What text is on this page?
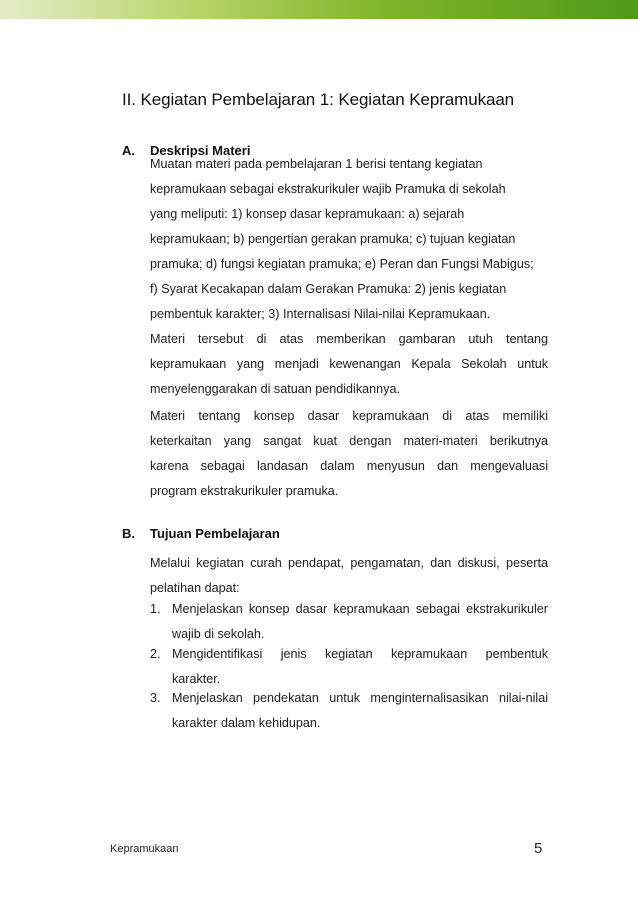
II. Kegiatan Pembelajaran 1: Kegiatan Kepramukaan
A. Deskripsi Materi
Muatan materi pada pembelajaran 1 berisi tentang kegiatan
kepramukaan sebagai ekstrakurikuler wajib Pramuka di sekolah
yang meliputi: 1) konsep dasar kepramukaan: a) sejarah
kepramukaan; b) pengertian gerakan pramuka; c) tujuan kegiatan
pramuka; d) fungsi kegiatan pramuka; e) Peran dan Fungsi Mabigus;
f) Syarat Kecakapan dalam Gerakan Pramuka: 2) jenis kegiatan
pembentuk karakter; 3) Internalisasi Nilai-nilai Kepramukaan.
Materi tersebut di atas memberikan gambaran utuh tentang
kepramukaan yang menjadi kewenangan Kepala Sekolah untuk
menyelenggarakan di satuan pendidikannya.
Materi tentang konsep dasar kepramukaan di atas memiliki
keterkaitan yang sangat kuat dengan materi-materi berikutnya
karena sebagai landasan dalam menyusun dan mengevaluasi
program ekstrakurikuler pramuka.
B. Tujuan Pembelajaran
Melalui kegiatan curah pendapat, pengamatan, dan diskusi, peserta
pelatihan dapat:
1. Menjelaskan konsep dasar kepramukaan sebagai ekstrakurikuler
wajib di sekolah.
2. Mengidentifikasi jenis kegiatan kepramukaan pembentuk
karakter.
3. Menjelaskan pendekatan untuk menginternalisasikan nilai-nilai
karakter dalam kehidupan.
Kepramukaan	5
